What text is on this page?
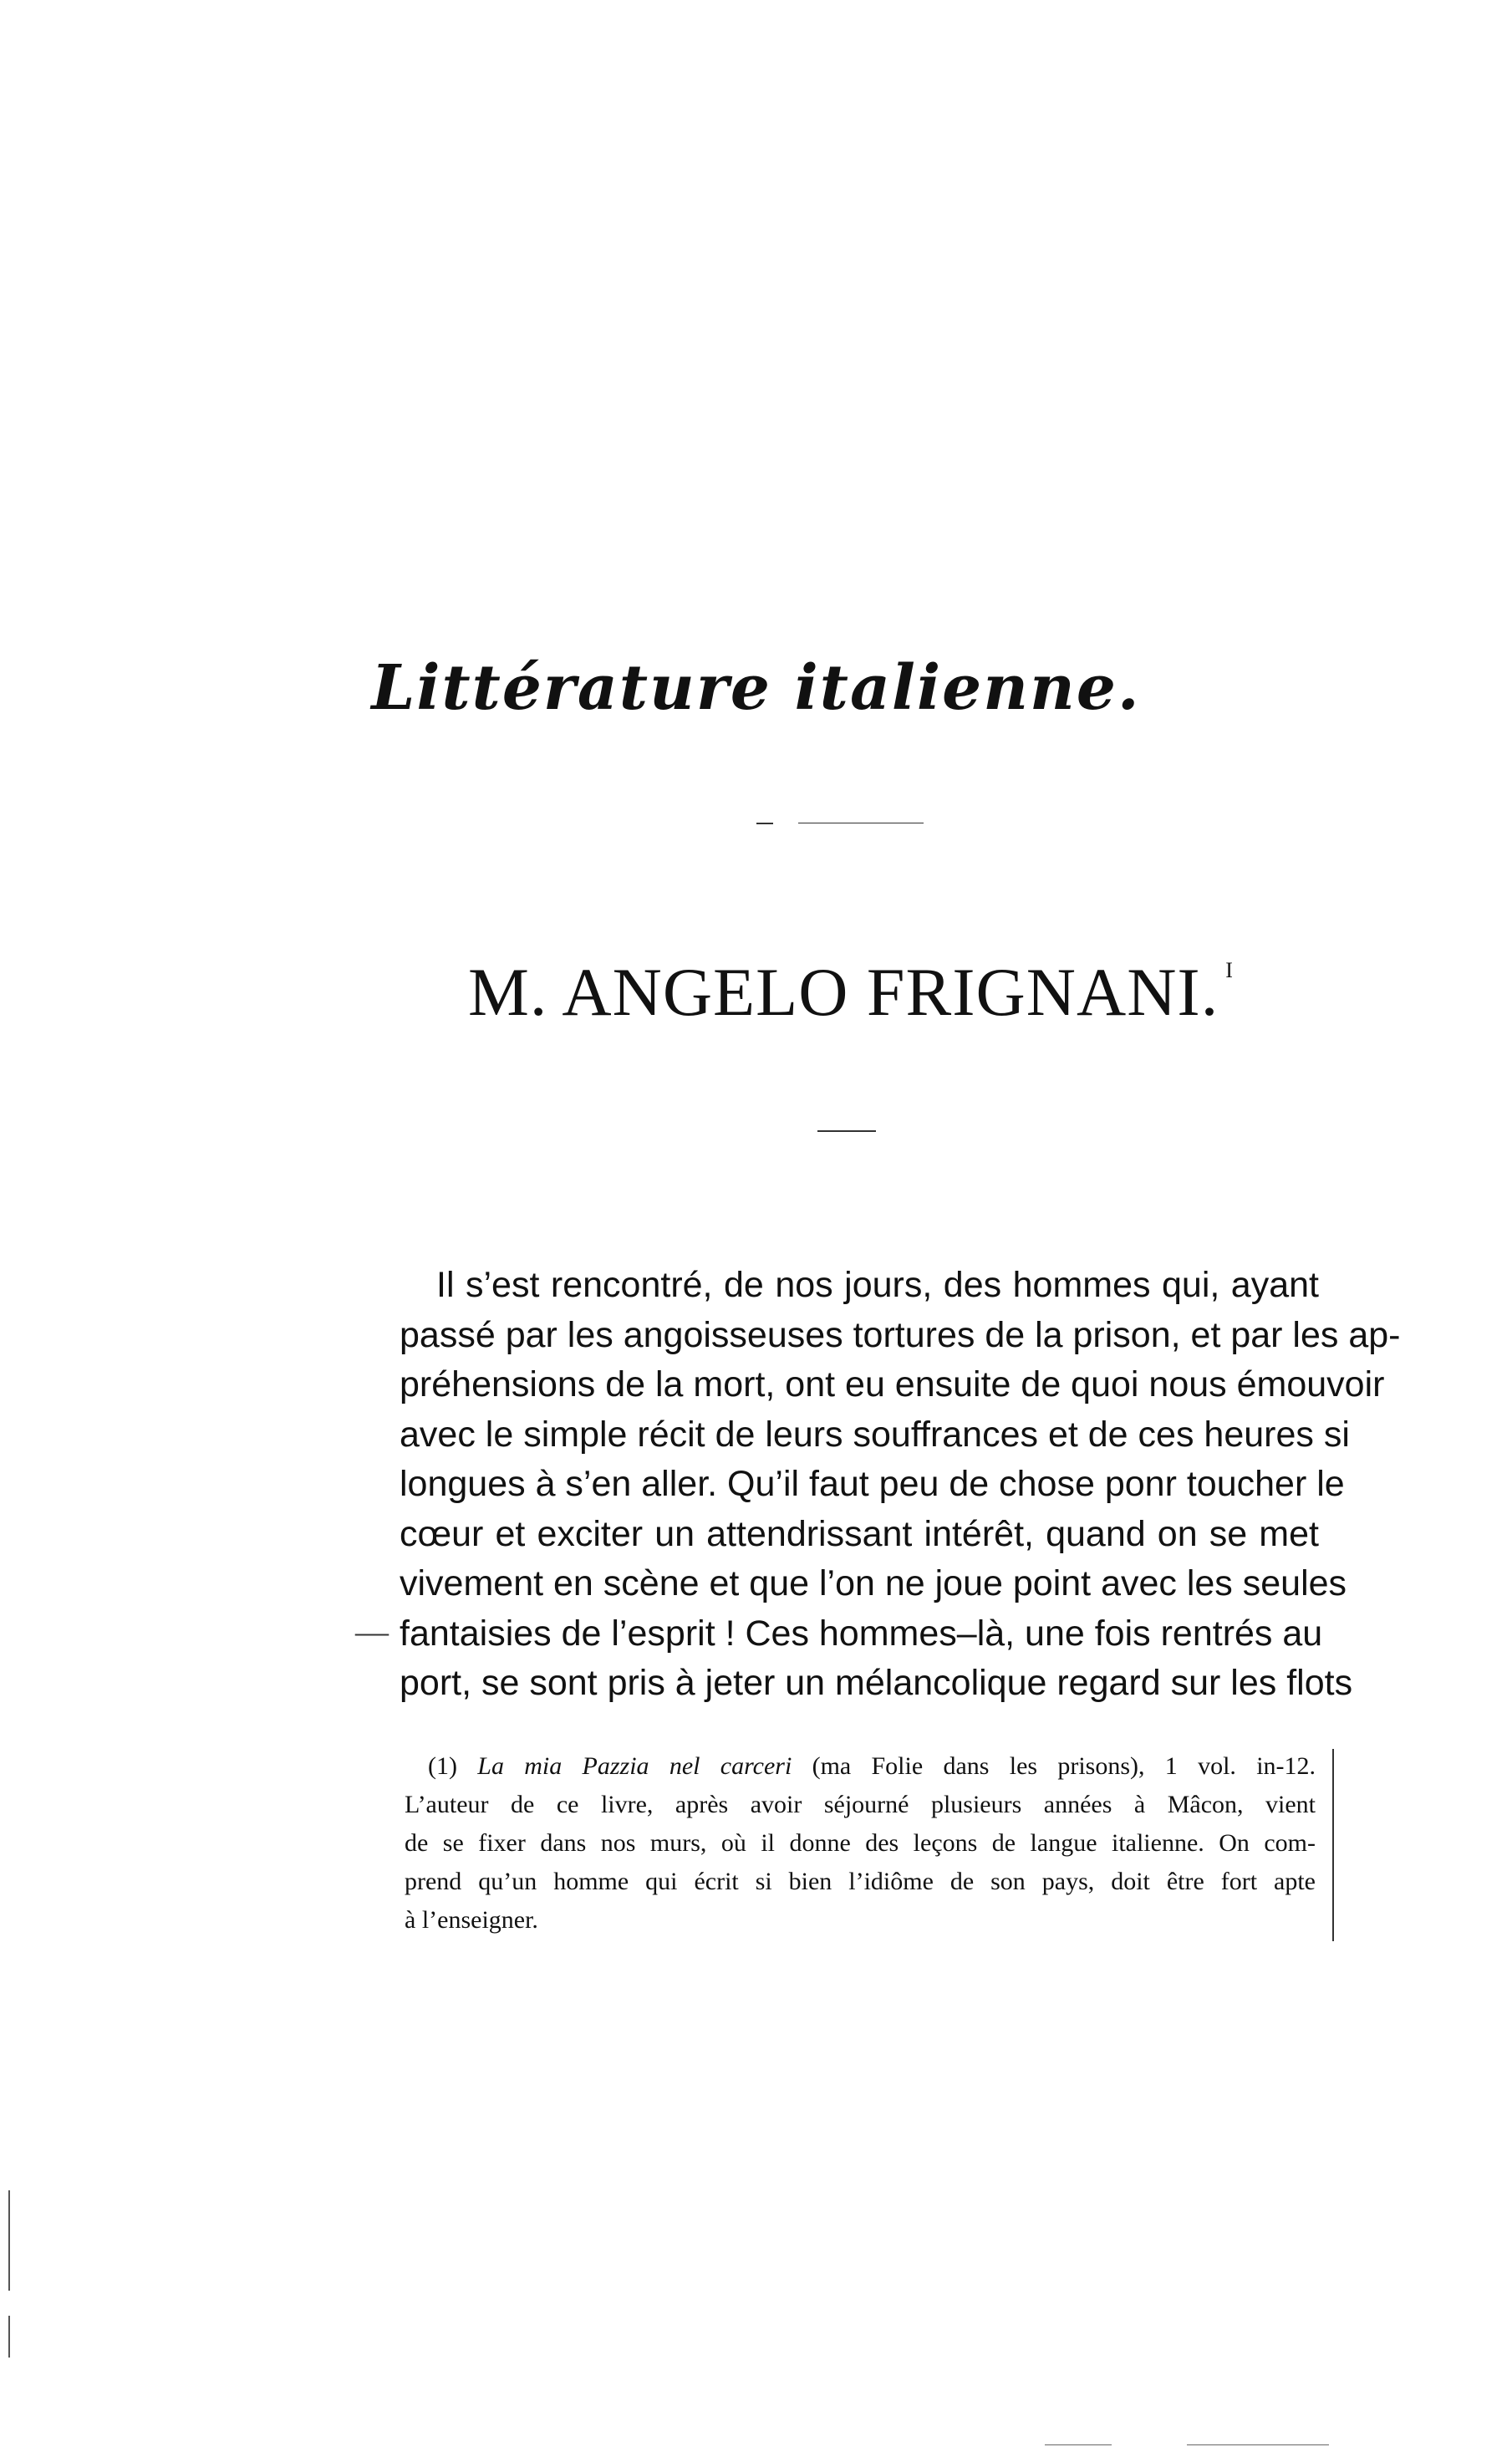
Littérature italienne.
M. ANGELO FRIGNANI. $^I$
Il s’est rencontré, de nos jours, des hommes qui, ayant
passé par les angoisseuses tortures de la prison, et par les ap-
préhensions de la mort, ont eu ensuite de quoi nous émouvoir
avec le simple récit de leurs souffrances et de ces heures si
longues à s’en aller. Qu’il faut peu de chose ponr toucher le
cœur et exciter un attendrissant intérêt, quand on se met
vivement en scène et que l’on ne joue point avec les seules
fantaisies de l’esprit ! Ces hommes–là, une fois rentrés au
port, se sont pris à jeter un mélancolique regard sur les flots
—
(1) La mia Pazzia nel carceri (ma Folie dans les prisons), 1 vol. in-12.
L’auteur de ce livre, après avoir séjourné plusieurs années à Mâcon, vient
de se fixer dans nos murs, où il donne des leçons de langue italienne. On com-
prend qu’un homme qui écrit si bien l’idiôme de son pays, doit être fort apte
à l’enseigner.
